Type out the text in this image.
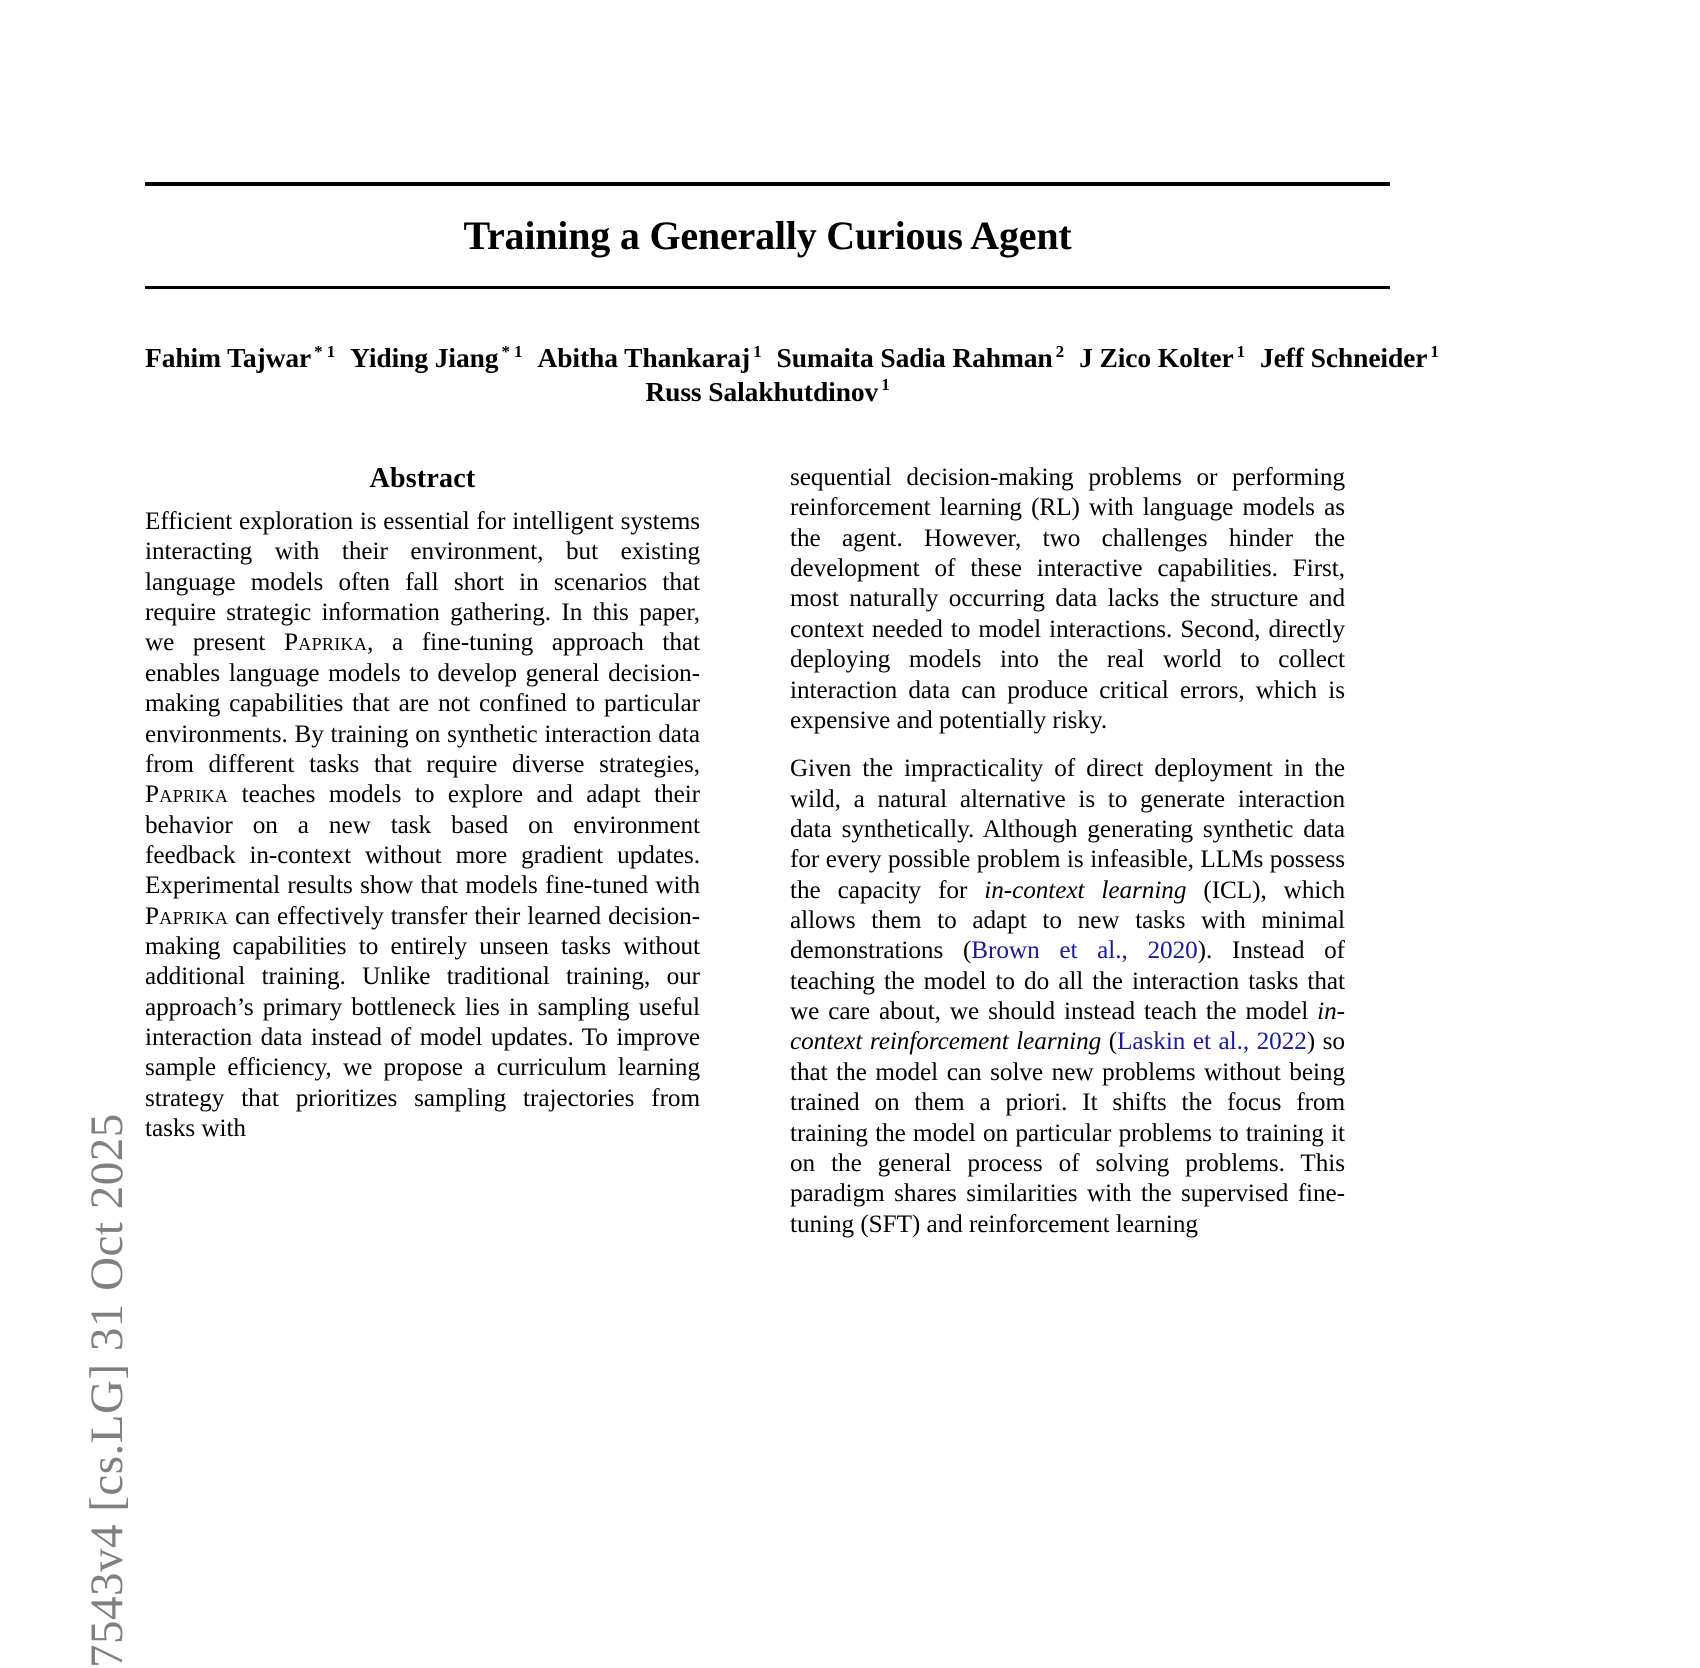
7543v4 [cs.LG] 31 Oct 2025
Training a Generally Curious Agent
Fahim Tajwar $^{* 1}$ Yiding Jiang $^{* 1}$ Abitha Thankaraj $^1$ Sumaita Sadia Rahman $^2$ J Zico Kolter $^1$ Jeff Schneider $^1$
Russ Salakhutdinov $^1$
Abstract

Efficient exploration is essential for intelligent systems interacting with their environment, but existing language models often fall short in scenarios that require strategic information gathering. In this paper, we present Paprika, a fine-tuning approach that enables language models to develop general decision-making capabilities that are not confined to particular environments. By training on synthetic interaction data from different tasks that require diverse strategies, Paprika teaches models to explore and adapt their behavior on a new task based on environment feedback in-context without more gradient updates. Experimental results show that models fine-tuned with Paprika can effectively transfer their learned decision-making capabilities to entirely unseen tasks without additional training. Unlike traditional training, our approach’s primary bottleneck lies in sampling useful interaction data instead of model updates. To improve sample efficiency, we propose a curriculum learning strategy that prioritizes sampling trajectories from tasks with

sequential decision-making problems or performing reinforcement learning (RL) with language models as the agent. However, two challenges hinder the development of these interactive capabilities. First, most naturally occurring data lacks the structure and context needed to model interactions. Second, directly deploying models into the real world to collect interaction data can produce critical errors, which is expensive and potentially risky.

Given the impracticality of direct deployment in the wild, a natural alternative is to generate interaction data synthetically. Although generating synthetic data for every possible problem is infeasible, LLMs possess the capacity for in-context learning (ICL), which allows them to adapt to new tasks with minimal demonstrations (Brown et al., 2020). Instead of teaching the model to do all the interaction tasks that we care about, we should instead teach the model in-context reinforcement learning (Laskin et al., 2022) so that the model can solve new problems without being trained on them a priori. It shifts the focus from training the model on particular problems to training it on the general process of solving problems. This paradigm shares similarities with the supervised fine-tuning (SFT) and reinforcement learning
